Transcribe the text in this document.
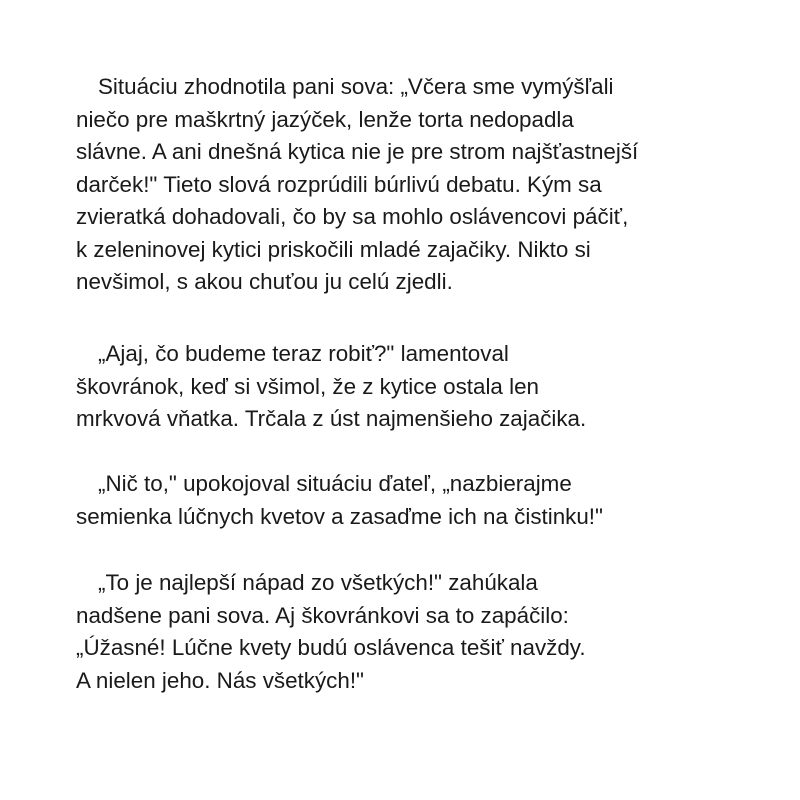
Situáciu zhodnotila pani sova: „Včera sme vymýšľali
niečo pre maškrtný jazýček, lenže torta nedopadla
slávne. A ani dnešná kytica nie je pre strom najšťastnejší
darček!" Tieto slová rozprúdili búrlivú debatu. Kým sa
zvieratká dohadovali, čo by sa mohlo oslávencovi páčiť,
k zeleninovej kytici priskočili mladé zajačiky. Nikto si
nevšimol, s akou chuťou ju celú zjedli.

„Ajaj, čo budeme teraz robiť?" lamentoval
škovránok, keď si všimol, že z kytice ostala len
mrkvová vňatka. Trčala z úst najmenšieho zajačika.

„Nič to," upokojoval situáciu ďateľ, „nazbierajme
semienka lúčnych kvetov a zasaďme ich na čistinku!"

„To je najlepší nápad zo všetkých!" zahúkala
nadšene pani sova. Aj škovránkovi sa to zapáčilo:
„Úžasné! Lúčne kvety budú oslávenca tešiť navždy.
A nielen jeho. Nás všetkých!"
